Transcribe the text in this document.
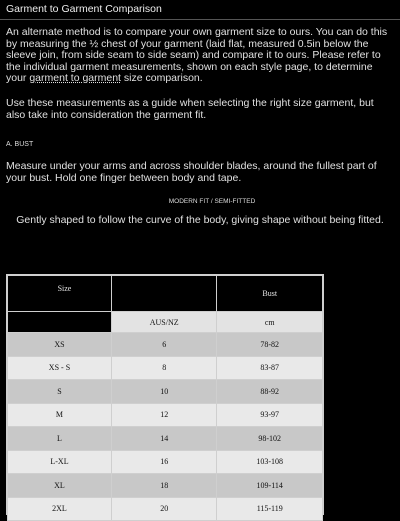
Garment to Garment Comparison

An alternate method is to compare your own garment size to ours. You can do this by measuring the ½ chest of your garment (laid flat, measured 0.5in below the sleeve join, from side seam to side seam) and compare it to ours. Please refer to the individual garment measurements, shown on each style page, to determine your garment to garment size comparison.

Use these measurements as a guide when selecting the right size garment, but also take into consideration the garment fit.

A. BUST

Measure under your arms and across shoulder blades, around the fullest part of your bust. Hold one finger between body and tape.

MODERN FIT / SEMI-FITTED
Gently shaped to follow the curve of the body, giving shape without being fitted.
Size		Bust
	AUS/NZ	cm
XS	6	78-82
XS - S	8	83-87
S	10	88-92
M	12	93-97
L	14	98-102
L-XL	16	103-108
XL	18	109-114
2XL	20	115-119
